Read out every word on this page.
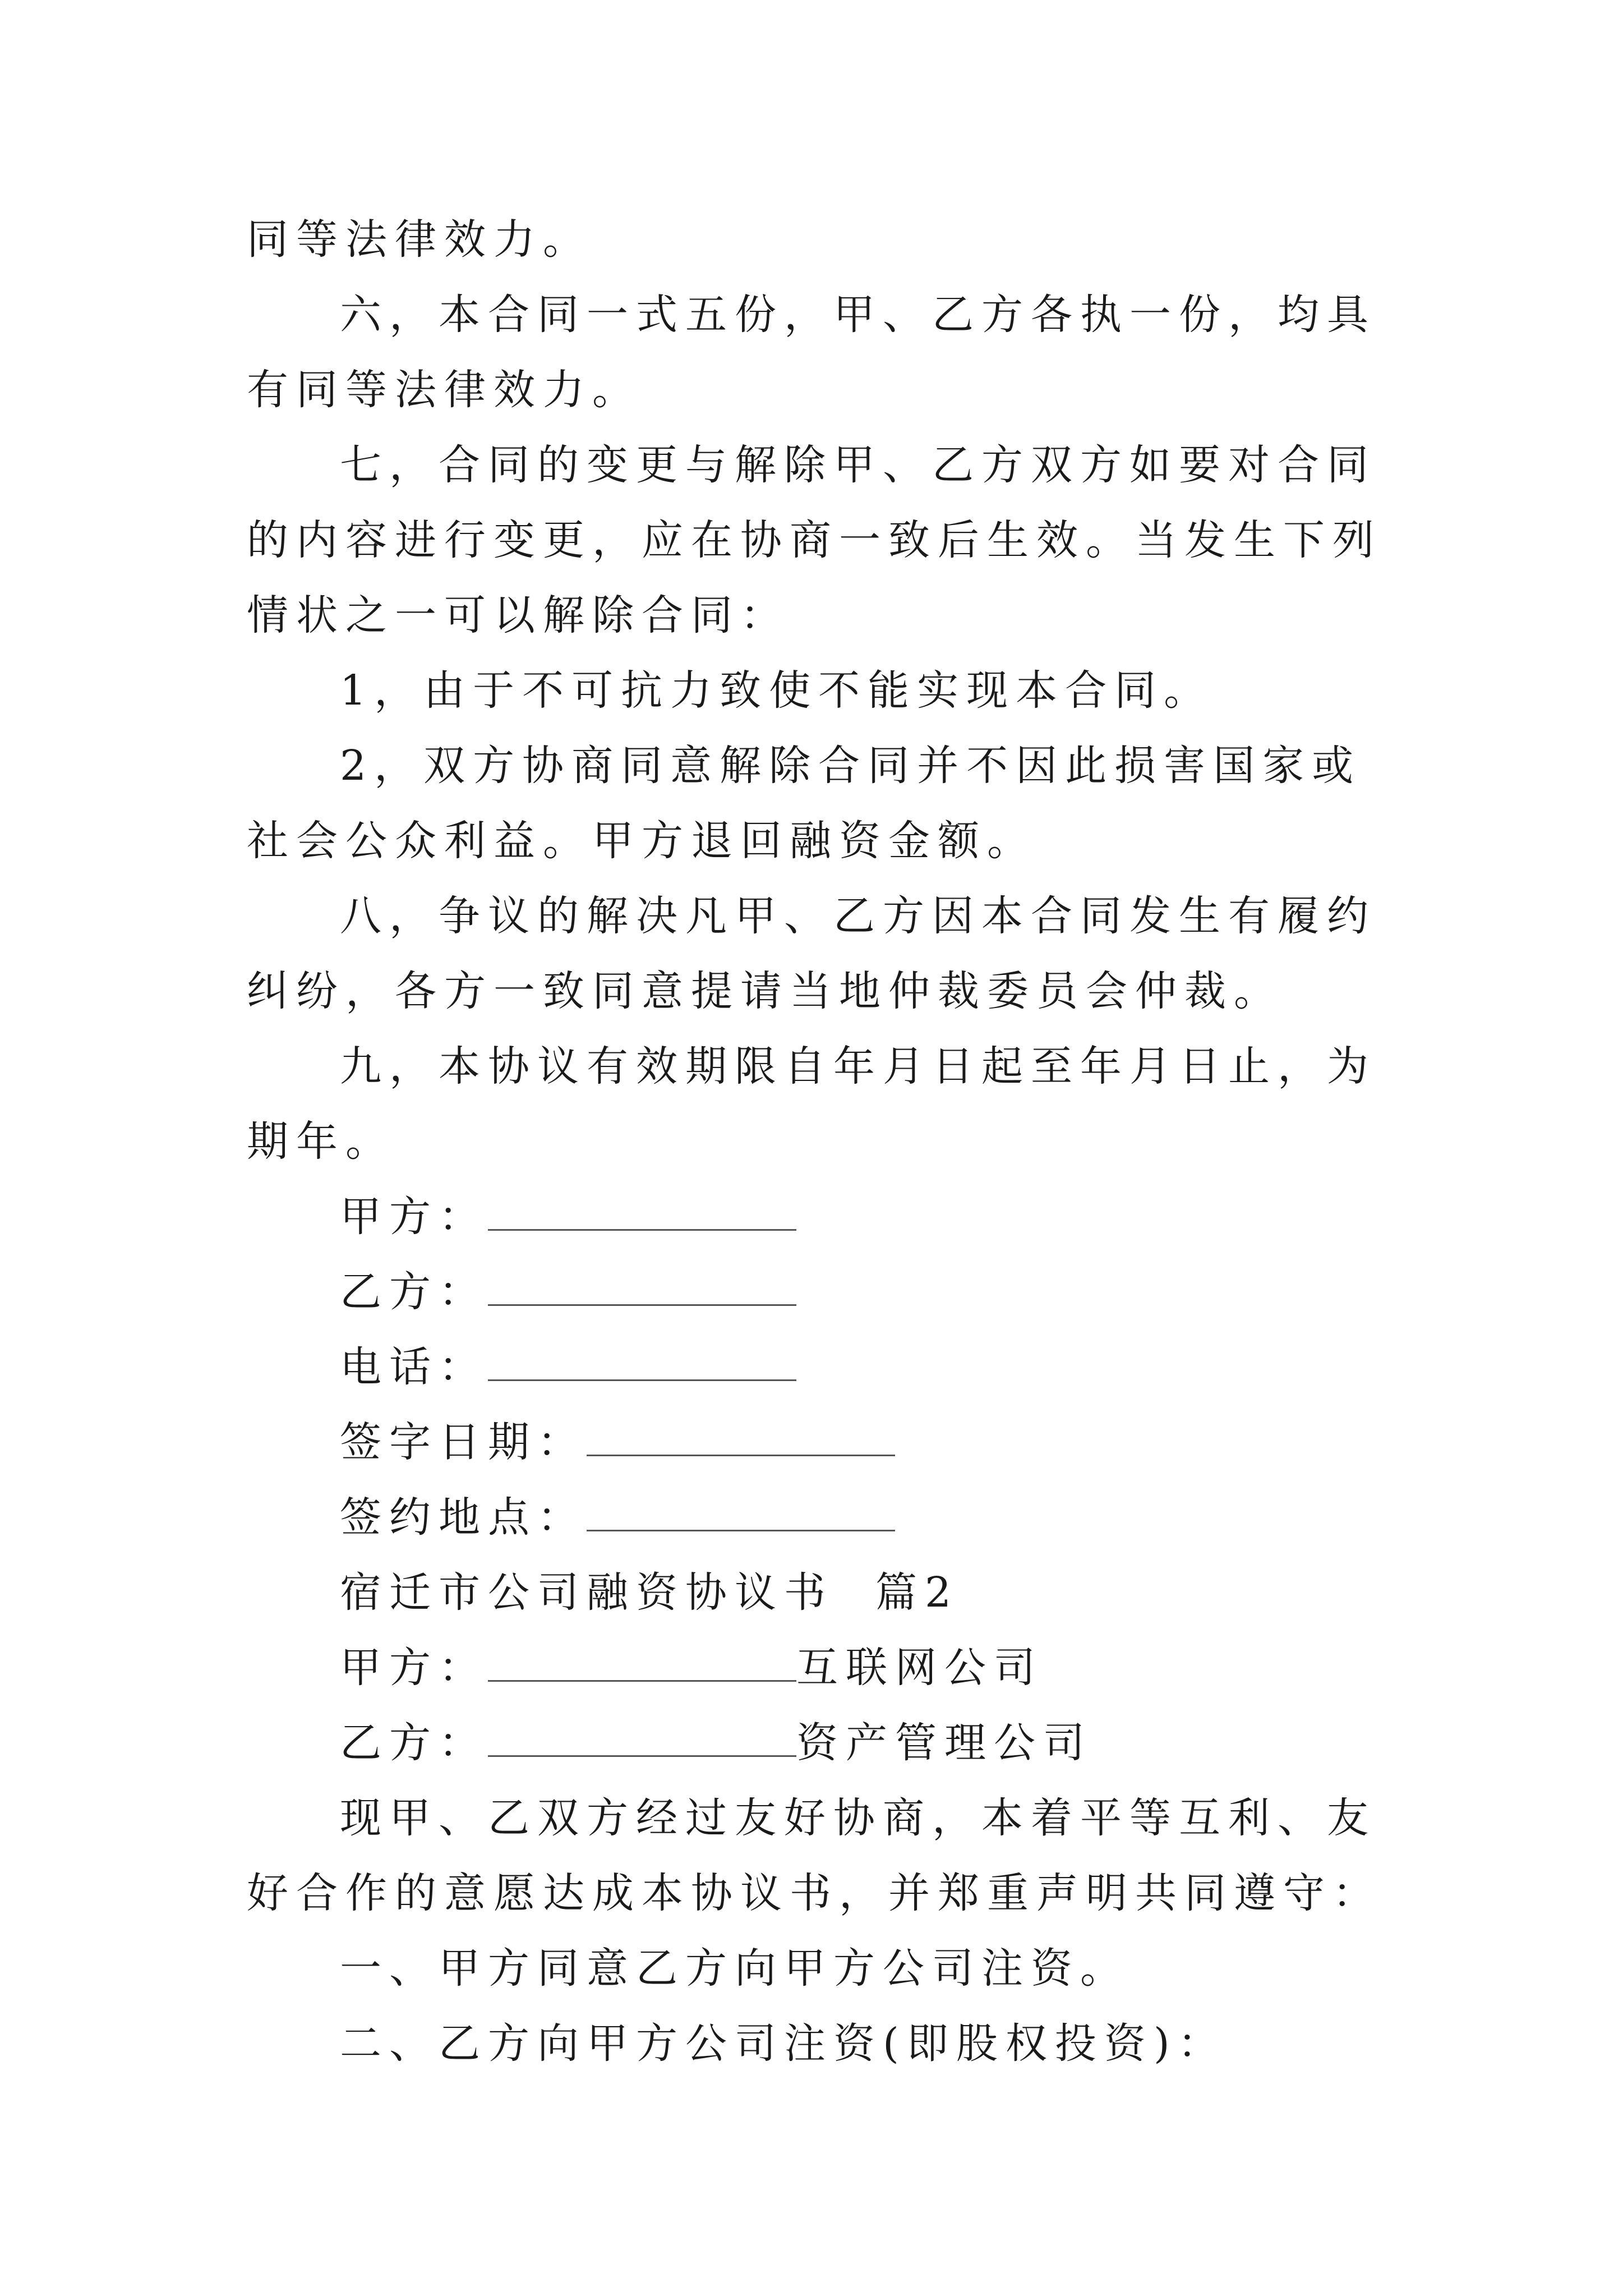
同等法律效力。

六，本合同一式五份，甲、乙方各执一份，均具有同等法律效力。

七，合同的变更与解除甲、乙方双方如要对合同的内容进行变更，应在协商一致后生效。当发生下列情状之一可以解除合同：

1，由于不可抗力致使不能实现本合同。

2，双方协商同意解除合同并不因此损害国家或社会公众利益。甲方退回融资金额。

八，争议的解决凡甲、乙方因本合同发生有履约纠纷，各方一致同意提请当地仲裁委员会仲裁。

九，本协议有效期限自年月日起至年月日止，为期年。

甲方：

乙方：

电话：

签字日期：

签约地点：

宿迁市公司融资协议书  篇2

甲方：	互联网公司

乙方：	资产管理公司

现甲、乙双方经过友好协商，本着平等互利、友好合作的意愿达成本协议书，并郑重声明共同遵守：

一、甲方同意乙方向甲方公司注资。

二、乙方向甲方公司注资(即股权投资)：
